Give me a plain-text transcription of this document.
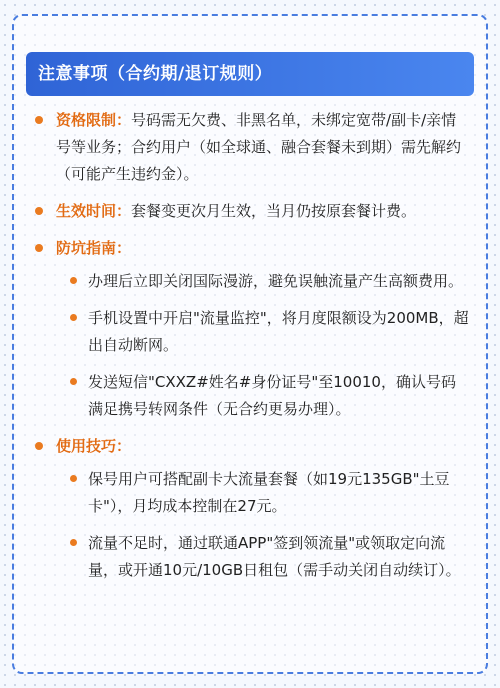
注意事项（合约期/退订规则）
资格限制：号码需无欠费、非黑名单，未绑定宽带/副卡/亲情号等业务；合约用户（如全球通、融合套餐未到期）需先解约（可能产生违约金）。
生效时间：套餐变更次月生效，当月仍按原套餐计费。
防坑指南：
办理后立即关闭国际漫游，避免误触流量产生高额费用。
手机设置中开启"流量监控"，将月度限额设为200MB，超出自动断网。
发送短信"CXXZ#姓名#身份证号"至10010，确认号码满足携号转网条件（无合约更易办理）。
使用技巧：
保号用户可搭配副卡大流量套餐（如19元135GB"土豆卡"），月均成本控制在27元。
流量不足时，通过联通APP"签到领流量"或领取定向流量，或开通10元/10GB日租包（需手动关闭自动续订）。
